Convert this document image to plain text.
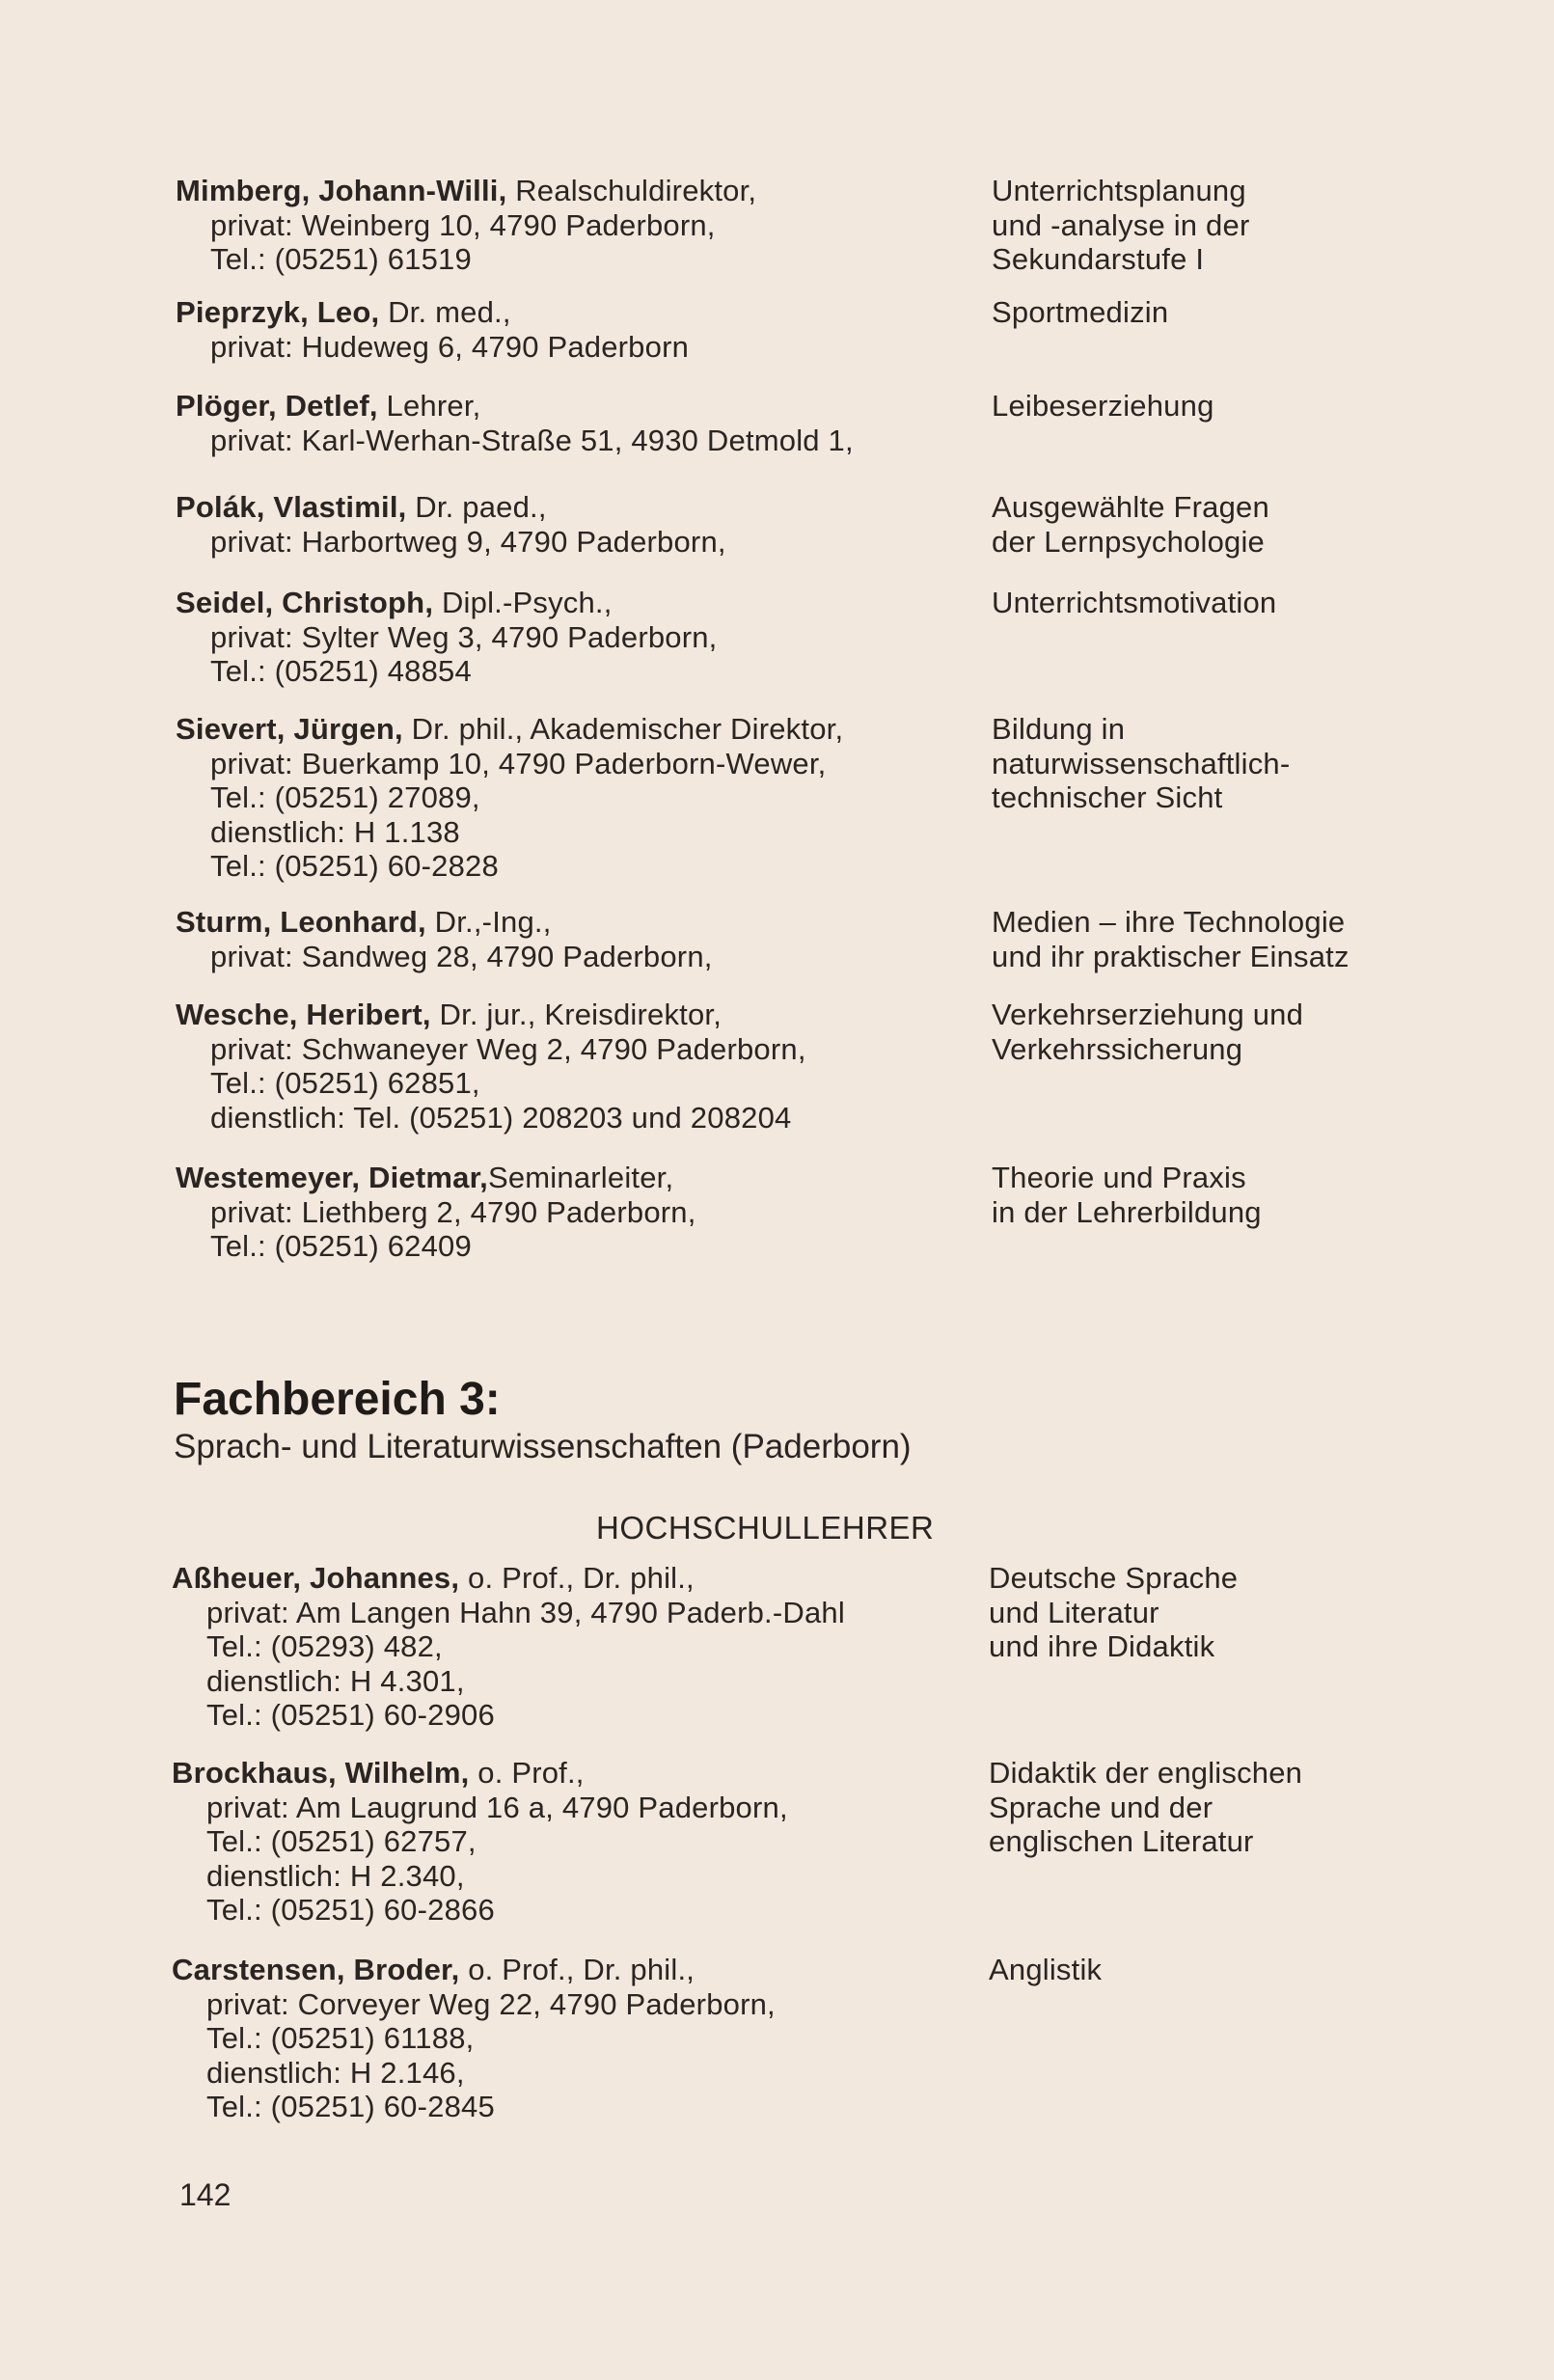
Mimberg, Johann-Willi, Realschuldirektor,
privat: Weinberg 10, 4790 Paderborn,
Tel.: (05251) 61519
Unterrichtsplanung
und -analyse in der
Sekundarstufe I
Pieprzyk, Leo, Dr. med.,
privat: Hudeweg 6, 4790 Paderborn
Sportmedizin
Plöger, Detlef, Lehrer,
privat: Karl-Werhan-Straße 51, 4930 Detmold 1,
Leibeserziehung
Polák, Vlastimil, Dr. paed.,
privat: Harbortweg 9, 4790 Paderborn,
Ausgewählte Fragen
der Lernpsychologie
Seidel, Christoph, Dipl.-Psych.,
privat: Sylter Weg 3, 4790 Paderborn,
Tel.: (05251) 48854
Unterrichtsmotivation
Sievert, Jürgen, Dr. phil., Akademischer Direktor,
privat: Buerkamp 10, 4790 Paderborn-Wewer,
Tel.: (05251) 27089,
dienstlich: H 1.138
Tel.: (05251) 60-2828
Bildung in
naturwissenschaftlich-
technischer Sicht
Sturm, Leonhard, Dr.,-Ing.,
privat: Sandweg 28, 4790 Paderborn,
Medien – ihre Technologie
und ihr praktischer Einsatz
Wesche, Heribert, Dr. jur., Kreisdirektor,
privat: Schwaneyer Weg 2, 4790 Paderborn,
Tel.: (05251) 62851,
dienstlich: Tel. (05251) 208203 und 208204
Verkehrserziehung und
Verkehrssicherung
Westemeyer, Dietmar,Seminarleiter,
privat: Liethberg 2, 4790 Paderborn,
Tel.: (05251) 62409
Theorie und Praxis
in der Lehrerbildung
Fachbereich 3:
Sprach- und Literaturwissenschaften (Paderborn)
HOCHSCHULLEHRER
Aßheuer, Johannes, o. Prof., Dr. phil.,
privat: Am Langen Hahn 39, 4790 Paderb.-Dahl
Tel.: (05293) 482,
dienstlich: H 4.301,
Tel.: (05251) 60-2906
Deutsche Sprache
und Literatur
und ihre Didaktik
Brockhaus, Wilhelm, o. Prof.,
privat: Am Laugrund 16 a, 4790 Paderborn,
Tel.: (05251) 62757,
dienstlich: H 2.340,
Tel.: (05251) 60-2866
Didaktik der englischen
Sprache und der
englischen Literatur
Carstensen, Broder, o. Prof., Dr. phil.,
privat: Corveyer Weg 22, 4790 Paderborn,
Tel.: (05251) 61188,
dienstlich: H 2.146,
Tel.: (05251) 60-2845
Anglistik
142
